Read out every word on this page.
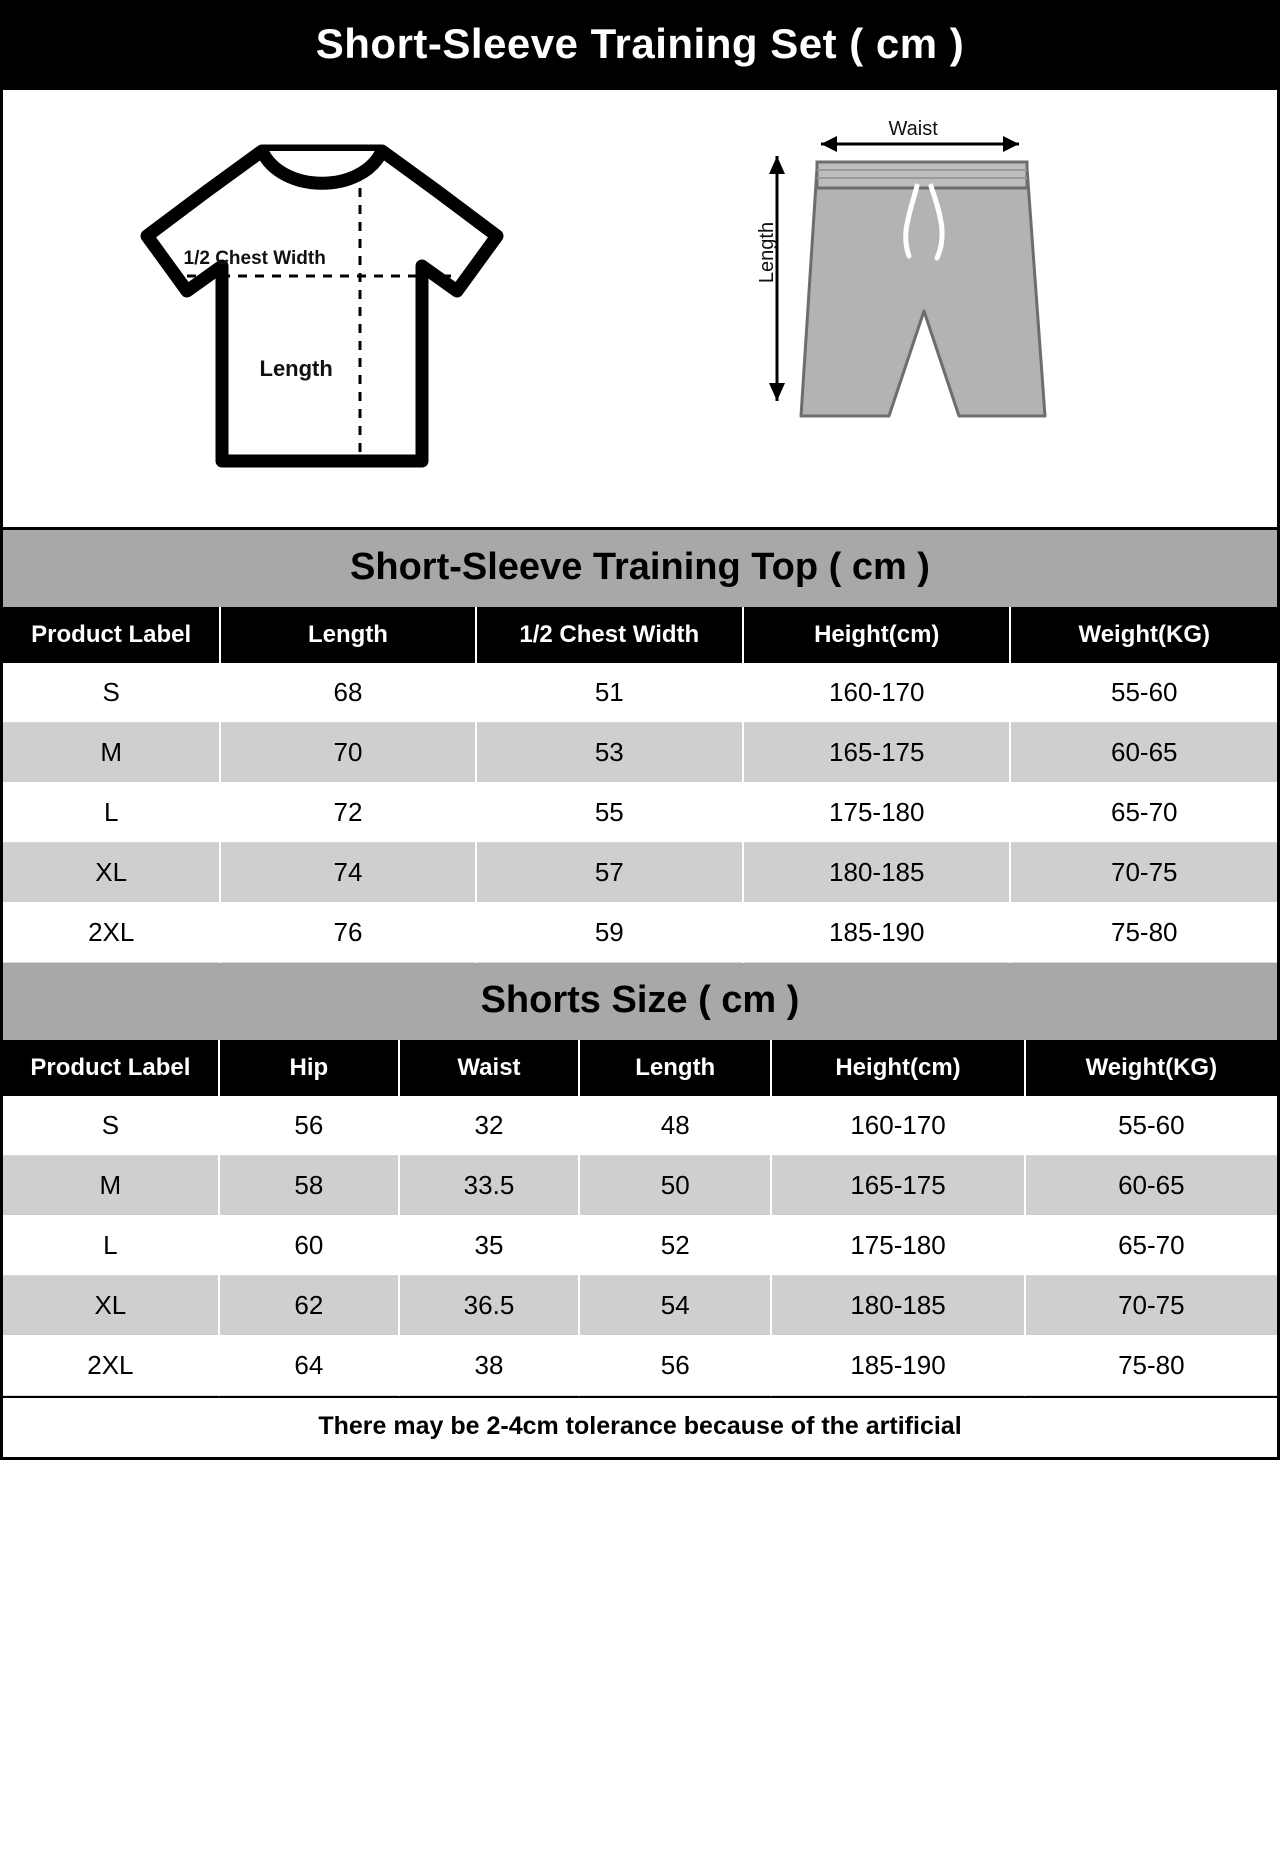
Short-Sleeve Training Set ( cm )
1/2 Chest Width
Length
Waist
Length
Short-Sleeve Training Top ( cm )
Product Label	Length	1/2 Chest Width	Height(cm)	Weight(KG)
S	68	51	160-170	55-60
M	70	53	165-175	60-65
L	72	55	175-180	65-70
XL	74	57	180-185	70-75
2XL	76	59	185-190	75-80
Shorts Size ( cm )
Product Label	Hip	Waist	Length	Height(cm)	Weight(KG)
S	56	32	48	160-170	55-60
M	58	33.5	50	165-175	60-65
L	60	35	52	175-180	65-70
XL	62	36.5	54	180-185	70-75
2XL	64	38	56	185-190	75-80
There may be 2-4cm tolerance because of the artificial
